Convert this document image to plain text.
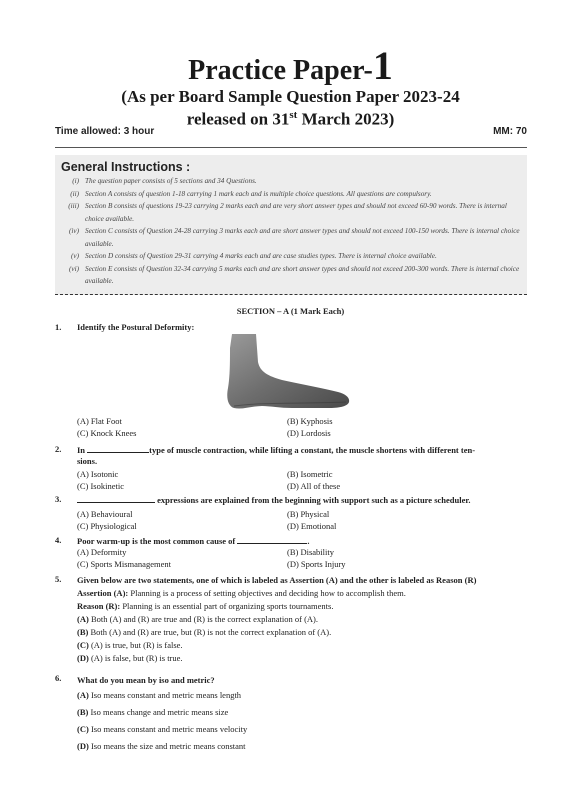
Practice Paper-1
(As per Board Sample Question Paper 2023-24
released on 31st March 2023)
Time allowed: 3 hour	MM: 70
General Instructions :
(i) The question paper consists of 5 sections and 34 Questions.
(ii) Section A consists of question 1-18 carrying 1 mark each and is multiple choice questions. All questions are compulsory.
(iii) Section B consists of questions 19-23 carrying 2 marks each and are very short answer types and should not exceed 60-90 words. There is internal choice available.
(iv) Section C consists of Question 24-28 carrying 3 marks each and are short answer types and should not exceed 100-150 words. There is internal choice available.
(v) Section D consists of Question 29-31 carrying 4 marks each and are case studies types. There is internal choice available.
(vi) Section E consists of Question 32-34 carrying 5 marks each and are short answer types and should not exceed 200-300 words. There is internal choice available.
SECTION – A (1 Mark Each)
1. Identify the Postural Deformity:
(A) Flat Foot	(B) Kyphosis
(C) Knock Knees	(D) Lordosis
2. In	type of muscle contraction, while lifting a constant, the muscle shortens with different ten-
sions.
(A) Isotonic	(B) Isometric
(C) Isokinetic	(D) All of these
3.	expressions are explained from the beginning with support such as a picture scheduler.
(A) Behavioural	(B) Physical
(C) Physiological	(D) Emotional
4. Poor warm-up is the most common cause of	.
(A) Deformity	(B) Disability
(C) Sports Mismanagement	(D) Sports Injury
5. Given below are two statements, one of which is labeled as Assertion (A) and the other is labeled as Reason (R)
Assertion (A): Planning is a process of setting objectives and deciding how to accomplish them.
Reason (R): Planning is an essential part of organizing sports tournaments.
(A) Both (A) and (R) are true and (R) is the correct explanation of (A).
(B) Both (A) and (R) are true, but (R) is not the correct explanation of (A).
(C) (A) is true, but (R) is false.
(D) (A) is false, but (R) is true.
6. What do you mean by iso and metric?
(A) Iso means constant and metric means length
(B) Iso means change and metric means size
(C) Iso means constant and metric means velocity
(D) Iso means the size and metric means constant
